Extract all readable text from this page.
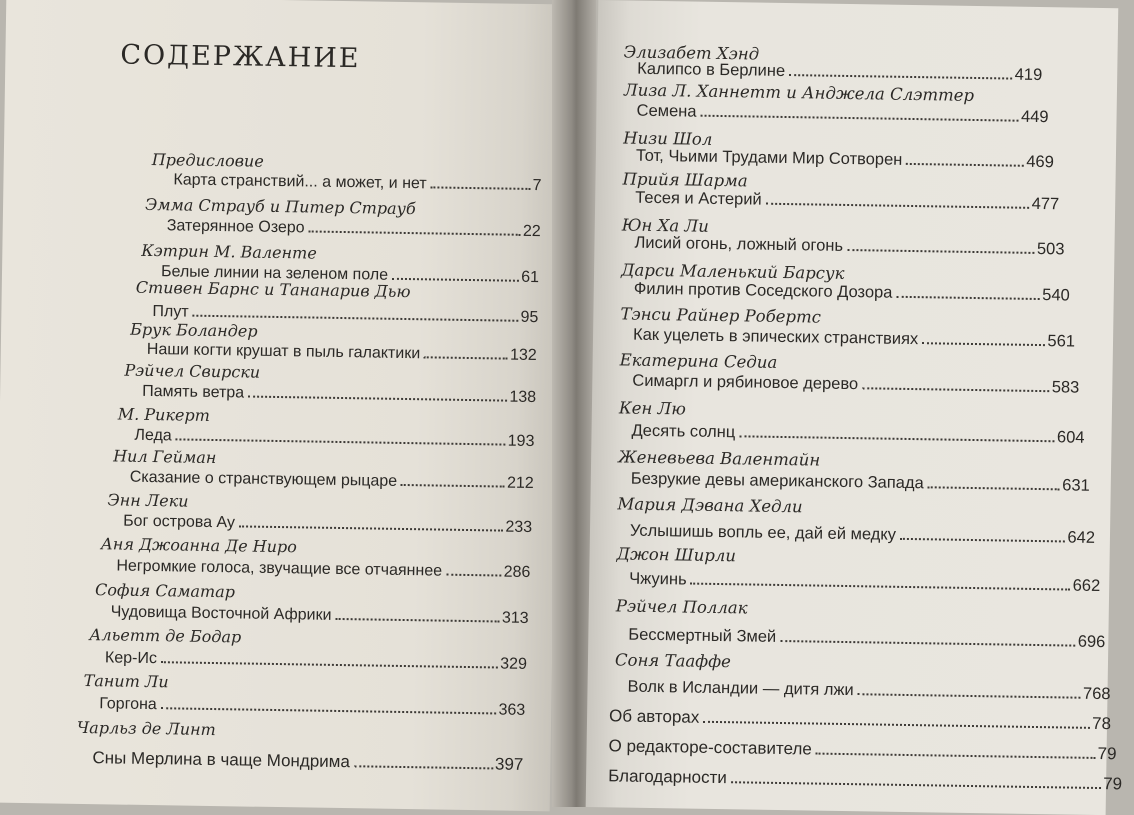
СОДЕРЖАНИЕ
Предисловие
Карта странствий... а может, и нет	7
Эмма Страуб и Питер Страуб
Затерянное Озеро	22
Кэтрин М. Валенте
Белые линии на зеленом поле	61
Стивен Барнс и Тананарив Дью
Плут	95
Брук Боландер
Наши когти крушат в пыль галактики	132
Рэйчел Свирски
Память ветра	138
М. Рикерт
Леда	193
Нил Гейман
Сказание о странствующем рыцаре	212
Энн Леки
Бог острова Ау	233
Аня Джоанна Де Ниро
Негромкие голоса, звучащие все отчаяннее	286
София Саматар
Чудовища Восточной Африки	313
Альетт де Бодар
Кер-Ис	329
Танит Ли
Горгона	363
Чарльз де Линт
Сны Мерлина в чаще Мондрима	397
Элизабет Хэнд
Калипсо в Берлине	419
Лиза Л. Ханнетт и Анджела Слэттер
Семена	449
Низи Шол
Тот, Чьими Трудами Мир Сотворен	469
Прийя Шарма
Тесея и Астерий	477
Юн Ха Ли
Лисий огонь, ложный огонь	503
Дарси Маленький Барсук
Филин против Соседского Дозора	540
Тэнси Райнер Робертс
Как уцелеть в эпических странствиях	561
Екатерина Седиа
Симаргл и рябиновое дерево	583
Кен Лю
Десять солнц	604
Женевьева Валентайн
Безрукие девы американского Запада	631
Мария Дэвана Хедли
Услышишь вопль ее, дай ей медку	642
Джон Ширли
Чжуинь	662
Рэйчел Поллак
Бессмертный Змей	696
Соня Тааффе
Волк в Исландии — дитя лжи	768
Об авторах	78
О редакторе-составителе	79
Благодарности	79
